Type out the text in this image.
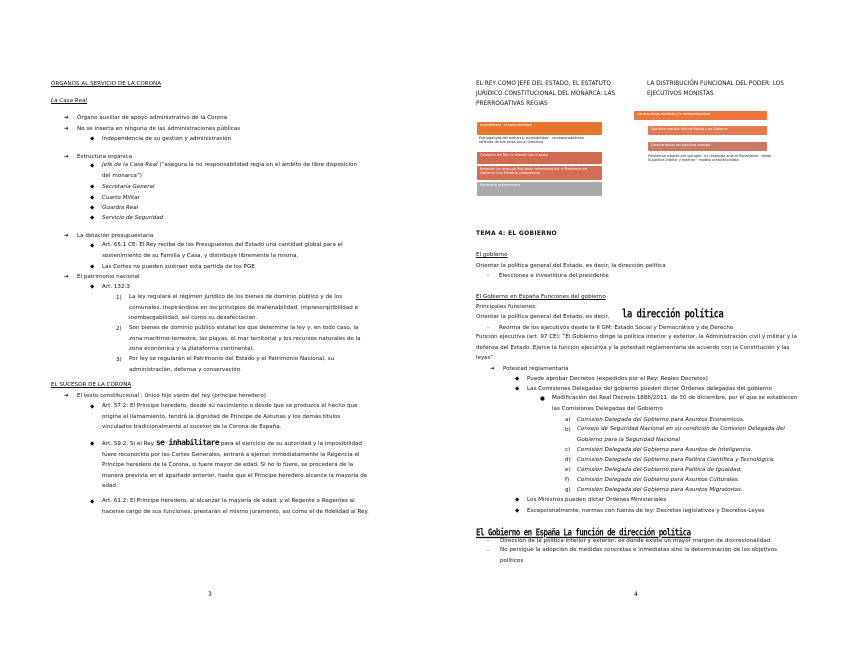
ÓRGANOS AL SERVICIO DE LA CORONA
La Casa Real
➔ Órgano auxiliar de apoyo administrativo de la Corona
➔ No se inserta en ninguna de las administraciones públicas
◆ Independencia de su gestión y administración
➔ Estructura orgánica
◆ Jefe de la Casa Real (“asegura la no responsabilidad regia en el ámbito de libre disposición del monarca”)
◆ Secretaría General
◆ Cuarto Militar
◆ Guardia Real
◆ Servicio de Seguridad
➔ La dotación presupuestaria
◆ Art. 65.1 CE: El Rey recibe de los Presupuestos del Estado una cantidad global para el sostenimiento de su Familia y Casa, y distribuye libremente la misma.
◆ Las Cortes no pueden sustraer esta partida de los PGE
➔ El patrimonio nacional
◆ Art. 132.3
1) La ley regulará el régimen jurídico de los bienes de dominio público y de los comunales, inspirándose en los principios de inalienabilidad, imprescriptibilidad e inembargabilidad, así como su desafectación.
2) Son bienes de dominio público estatal los que determine la ley y, en todo caso, la zona marítimo-terrestre, las playas, el mar territorial y los recursos naturales de la zona económica y la plataforma continental.
3) Por ley se regularán el Patrimonio del Estado y el Patrimonio Nacional, su administración, defensa y conservación.
EL SUCESOR DE LA CORONA
➔ El texto constitucional : único hijo varón del rey (príncipe heredero)
◆ Art. 57.2: El Príncipe heredero, desde su nacimiento o desde que se produzca el hecho que origine el llamamiento, tendrá la dignidad de Príncipe de Asturias y los demás títulos vinculados tradicionalmente al sucesor de la Corona de España.
◆ Art. 59.2: Si el Rey se inhabilitare para el ejercicio de su autoridad y la imposibilidad fuere reconocida por las Cortes Generales, entrará a ejercer inmediatamente la Regencia el Príncipe heredero de la Corona, si fuere mayor de edad. Si no lo fuere, se procederá de la manera prevista en el apartado anterior, hasta que el Príncipe heredero alcance la mayoría de edad.
◆ Art. 61.2: El Príncipe heredero, al alcanzar la mayoría de edad, y el Regente o Regentes al hacerse cargo de sus funciones, prestarán el mismo juramento, así como el de fidelidad al Rey.
3
EL REY COMO JEFE DEL ESTADO, EL ESTATUTO JURÍDICO CONSTITUCIONAL DEL MONARCA: LAS PRERROGATIVAS REGIAS
LA DISTRIBUCIÓN FUNCIONAL DEL PODER: LOS EJECUTIVOS MONISTAS
Inviolabilidad · irresponsabilidad
Prerrogativas del monarca: inviolabilidad · no responsabilidad · refrendo de sus actos por el Gobierno
Funciones del Rey en relación con el poder
Refrendo: los actos del Rey serán refrendados por el Presidente del Gobierno y los Ministros competentes
Monarquía parlamentaria
Los ejecutivos monistas y el parlamentarismo
Ejecutivo monista: jefe de Estado y de Gobierno
Características del ejecutivo monista
Presidente elegido por sufragio · no responde ante el Parlamento · dirige la política interior y exterior · modelo presidencialista
TEMA 4: EL GOBIERNO
El gobierno
Orientar la política general del Estado, es decir, la dirección política
- Elecciones e investidura del presidente
El Gobierno en España Funciones del gobierno
Principales funciones:
Orientar la política general del Estado, es decir, la dirección política
- Reorma de los ejecutivos desde la II GM: Estado Social y Democrático y de Derecho
Función ejecutiva (art. 97 CE): “El Gobierno dirige la política interior y exterior, la Administración civil y militar y la defensa del Estado. Ejerce la función ejecutiva y la potestad reglamentaria de acuerdo con la Constitución y las leyes”
➔ Potestad reglamentaria
◆ Puede aprobar Decretos (expedidos por el Rey: Reales Decretos)
◆ Las Comisiones Delegadas del gobierno pueden dictar Órdenes delegadas del gobierno
● Modificación del Real Decreto 1886/2011, de 30 de diciembre, por el que se establecen las Comisiones Delegadas del Gobierno
a) Comisión Delegada del Gobierno para Asuntos Económicos.
b) Consejo de Seguridad Nacional en su condición de Comisión Delegada del Gobierno para la Seguridad Nacional
c) Comisión Delegada del Gobierno para Asuntos de Inteligencia.
d) Comisión Delegada del Gobierno para Política Científica y Tecnológica.
e) Comisión Delegada del Gobierno para Política de Igualdad.
f) Comisión Delegada del Gobierno para Asuntos Culturales.
g) Comisión Delegada del Gobierno para Asuntos Migratorios.
◆ Los Ministros pueden dictar Órdenes Ministeriales
◆ Excepcionalmente, normas con fuerza de ley: Decretos legislativos y Decretos-Leyes
El Gobierno en España La función de dirección política
- Dirección de la política interior y exterior: es donde existe un mayor margen de discrecionalidad
- No persigue la adopción de medidas concretas e inmediatas sino la determinación de los objetivos políticos
4
